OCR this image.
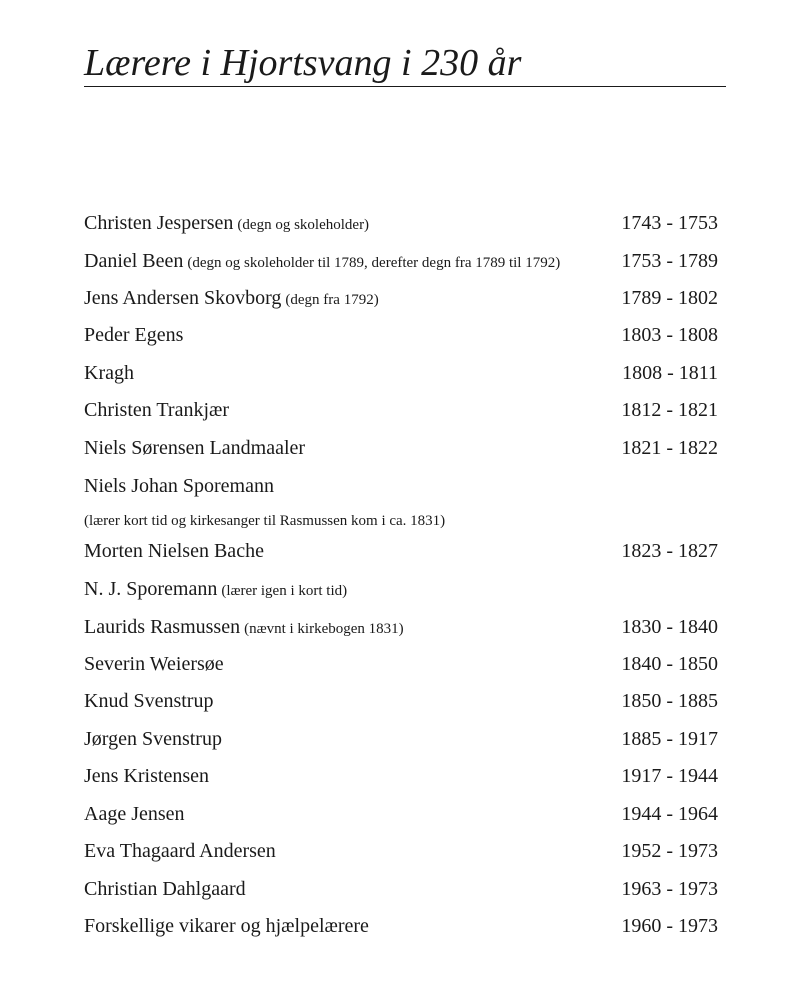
Lærere i Hjortsvang i 230 år
Christen Jespersen (degn og skoleholder)	1743 - 1753
Daniel Been (degn og skoleholder til 1789, derefter degn fra 1789 til 1792)	1753 - 1789
Jens Andersen Skovborg (degn fra 1792)	1789 - 1802
Peder Egens	1803 - 1808
Kragh	1808 - 1811
Christen Trankjær	1812 - 1821
Niels Sørensen Landmaaler	1821 - 1822
Niels Johan Sporemann
(lærer kort tid og kirkesanger til Rasmussen kom i ca. 1831)
Morten Nielsen Bache	1823 - 1827
N. J. Sporemann (lærer igen i kort tid)
Laurids Rasmussen (nævnt i kirkebogen 1831)	1830 - 1840
Severin Weiersøe	1840 - 1850
Knud Svenstrup	1850 - 1885
Jørgen Svenstrup	1885 - 1917
Jens Kristensen	1917 - 1944
Aage Jensen	1944 - 1964
Eva Thagaard Andersen	1952 - 1973
Christian Dahlgaard	1963 - 1973
Forskellige vikarer og hjælpelærere	1960 - 1973
